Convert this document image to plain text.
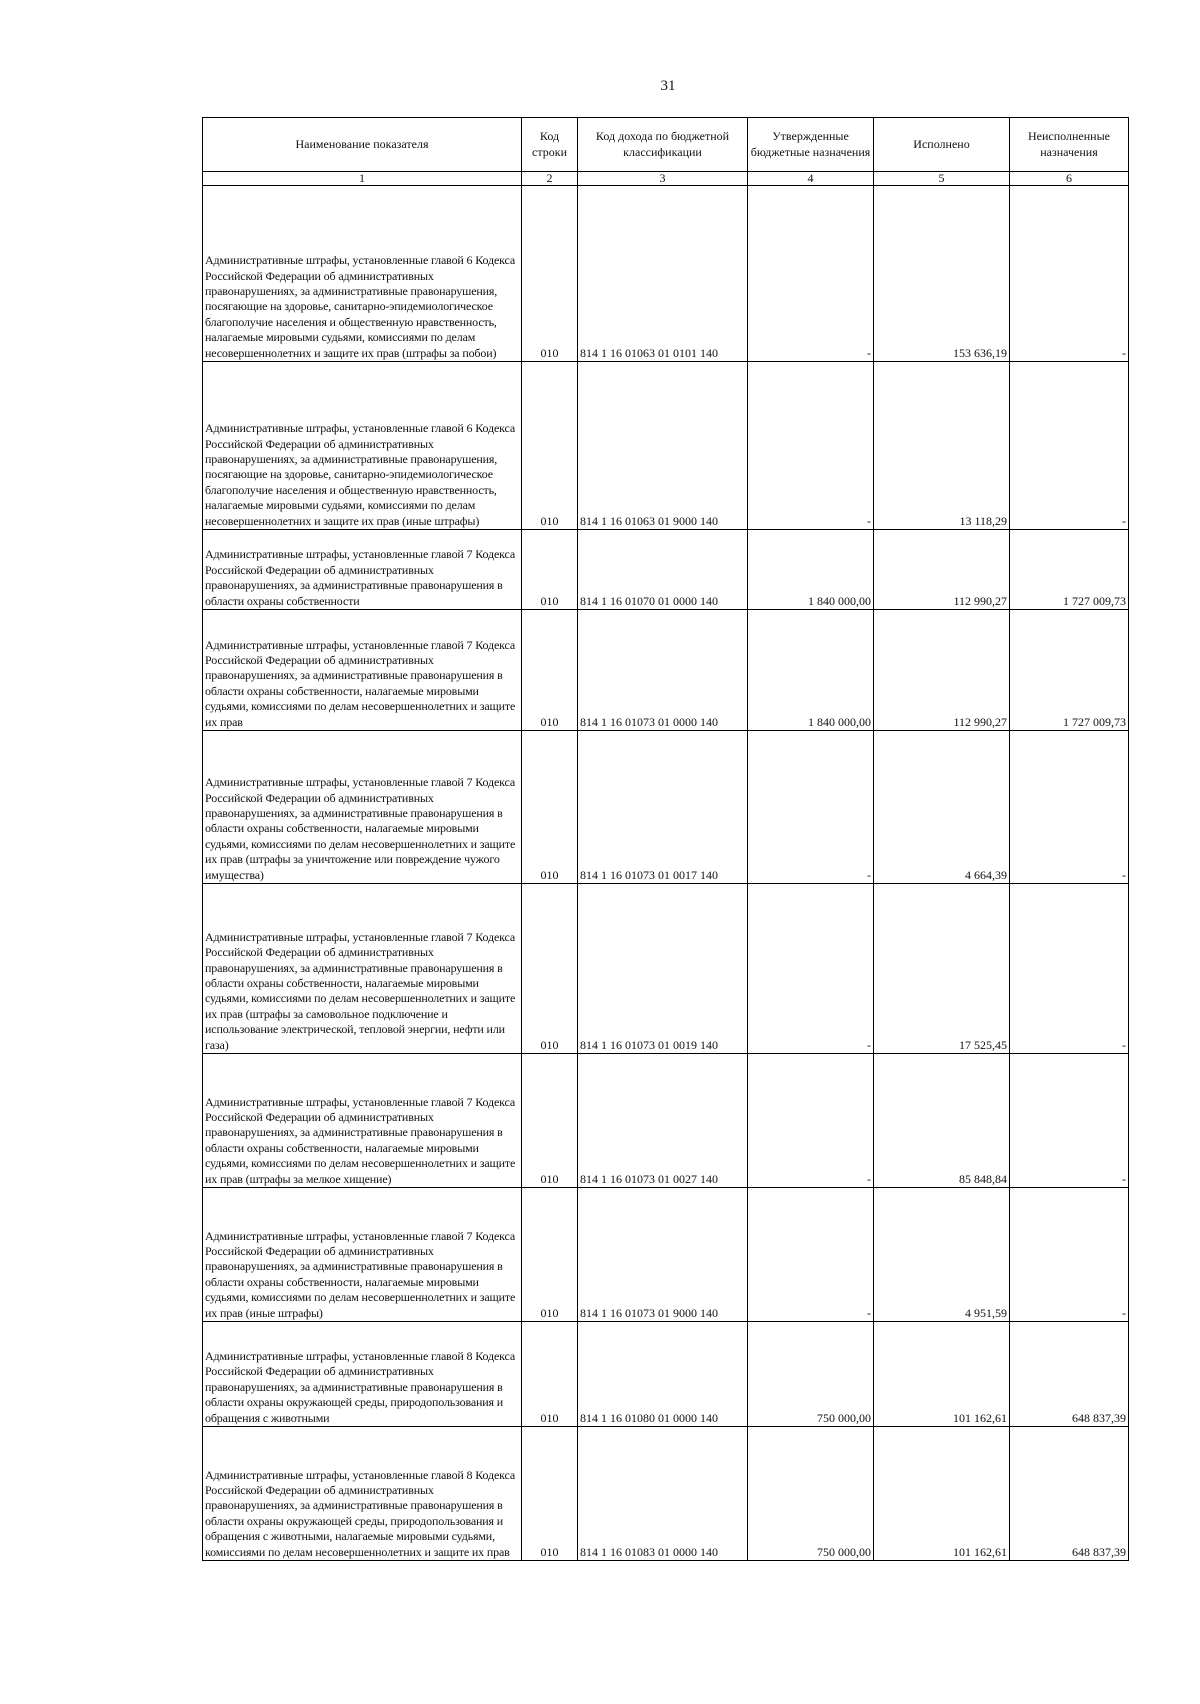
31
Наименование показателя	Код строки	Код дохода по бюджетной классификации	Утвержденные бюджетные назначения	Исполнено	Неисполненные назначения
1	2	3	4	5	6
Административные штрафы, установленные главой 6 Кодекса Российской Федерации об административных правонарушениях, за административные правонарушения, посягающие на здоровье, санитарно-эпидемиологическое благополучие населения и общественную нравственность, налагаемые мировыми судьями, комиссиями по делам несовершеннолетних и защите их прав (штрафы за побои)	010	814 1 16 01063 01 0101 140	-	153 636,19	-
Административные штрафы, установленные главой 6 Кодекса Российской Федерации об административных правонарушениях, за административные правонарушения, посягающие на здоровье, санитарно-эпидемиологическое благополучие населения и общественную нравственность, налагаемые мировыми судьями, комиссиями по делам несовершеннолетних и защите их прав (иные штрафы)	010	814 1 16 01063 01 9000 140	-	13 118,29	-
Административные штрафы, установленные главой 7 Кодекса Российской Федерации об административных правонарушениях, за административные правонарушения в области охраны собственности	010	814 1 16 01070 01 0000 140	1 840 000,00	112 990,27	1 727 009,73
Административные штрафы, установленные главой 7 Кодекса Российской Федерации об административных правонарушениях, за административные правонарушения в области охраны собственности, налагаемые мировыми судьями, комиссиями по делам несовершеннолетних и защите их прав	010	814 1 16 01073 01 0000 140	1 840 000,00	112 990,27	1 727 009,73
Административные штрафы, установленные главой 7 Кодекса Российской Федерации об административных правонарушениях, за административные правонарушения в области охраны собственности, налагаемые мировыми судьями, комиссиями по делам несовершеннолетних и защите их прав (штрафы за уничтожение или повреждение чужого имущества)	010	814 1 16 01073 01 0017 140	-	4 664,39	-
Административные штрафы, установленные главой 7 Кодекса Российской Федерации об административных правонарушениях, за административные правонарушения в области охраны собственности, налагаемые мировыми судьями, комиссиями по делам несовершеннолетних и защите их прав (штрафы за самовольное подключение и использование электрической, тепловой энергии, нефти или газа)	010	814 1 16 01073 01 0019 140	-	17 525,45	-
Административные штрафы, установленные главой 7 Кодекса Российской Федерации об административных правонарушениях, за административные правонарушения в области охраны собственности, налагаемые мировыми судьями, комиссиями по делам несовершеннолетних и защите их прав (штрафы за мелкое хищение)	010	814 1 16 01073 01 0027 140	-	85 848,84	-
Административные штрафы, установленные главой 7 Кодекса Российской Федерации об административных правонарушениях, за административные правонарушения в области охраны собственности, налагаемые мировыми судьями, комиссиями по делам несовершеннолетних и защите их прав (иные штрафы)	010	814 1 16 01073 01 9000 140	-	4 951,59	-
Административные штрафы, установленные главой 8 Кодекса Российской Федерации об административных правонарушениях, за административные правонарушения в области охраны окружающей среды, природопользования и обращения с животными	010	814 1 16 01080 01 0000 140	750 000,00	101 162,61	648 837,39
Административные штрафы, установленные главой 8 Кодекса Российской Федерации об административных правонарушениях, за административные правонарушения в области охраны окружающей среды, природопользования и обращения с животными, налагаемые мировыми судьями, комиссиями по делам несовершеннолетних и защите их прав	010	814 1 16 01083 01 0000 140	750 000,00	101 162,61	648 837,39
